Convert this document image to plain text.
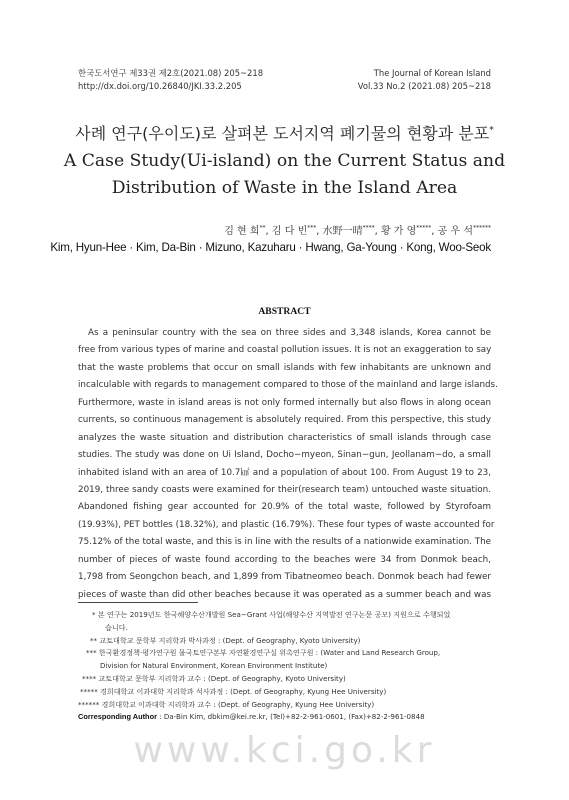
한국도서연구 제33권 제2호(2021.08) 205~218
http://dx.doi.org/10.26840/JKI.33.2.205
The Journal of Korean Island
Vol.33 No.2 (2021.08) 205~218
사례 연구(우이도)로 살펴본 도서지역 폐기물의 현황과 분포*
A Case Study(Ui-island) on the Current Status and
Distribution of Waste in the Island Area
김 현 희**, 김 다 빈***, 水野一晴****, 황 가 영*****, 공 우 석******
Kim, Hyun-Hee · Kim, Da-Bin · Mizuno, Kazuharu · Hwang, Ga-Young · Kong, Woo-Seok
ABSTRACT
As a peninsular country with the sea on three sides and 3,348 islands, Korea cannot be
free from various types of marine and coastal pollution issues. It is not an exaggeration to say
that the waste problems that occur on small islands with few inhabitants are unknown and
incalculable with regards to management compared to those of the mainland and large islands.
Furthermore, waste in island areas is not only formed internally but also flows in along ocean
currents, so continuous management is absolutely required. From this perspective, this study
analyzes the waste situation and distribution characteristics of small islands through case
studies. The study was done on Ui Island, Docho−myeon, Sinan−gun, Jeollanam−do, a small
inhabited island with an area of 10.7㎢ and a population of about 100. From August 19 to 23,
2019, three sandy coasts were examined for their(research team) untouched waste situation.
Abandoned fishing gear accounted for 20.9% of the total waste, followed by Styrofoam
(19.93%), PET bottles (18.32%), and plastic (16.79%). These four types of waste accounted for
75.12% of the total waste, and this is in line with the results of a nationwide examination. The
number of pieces of waste found according to the beaches were 34 from Donmok beach,
1,798 from Seongchon beach, and 1,899 from Tibatneomeo beach. Donmok beach had fewer
pieces of waste than did other beaches because it was operated as a summer beach and was
* 본 연구는 2019년도 한국해양수산개발원 Sea−Grant 사업(해양수산 지역발전 연구논문 공모) 지원으로 수행되었
습니다.
** 교토대학교 문학부 지리학과 박사과정 : (Dept. of Geography, Kyoto University)
*** 한국환경정책·평가연구원 물국토연구본부 자연환경연구실 위촉연구원 : (Water and Land Research Group,
Division for Natural Environment, Korean Environment Institute)
**** 교토대학교 문학부 지리학과 교수 : (Dept. of Geography, Kyoto University)
***** 경희대학교 이과대학 지리학과 석사과정 : (Dept. of Geography, Kyung Hee University)
****** 경희대학교 이과대학 지리학과 교수 : (Dept. of Geography, Kyung Hee University)
Corresponding Author : Da-Bin Kim, dbkim@kei.re.kr, (Tel)+82-2-961-0601, (Fax)+82-2-961-0848
www.kci.go.kr
